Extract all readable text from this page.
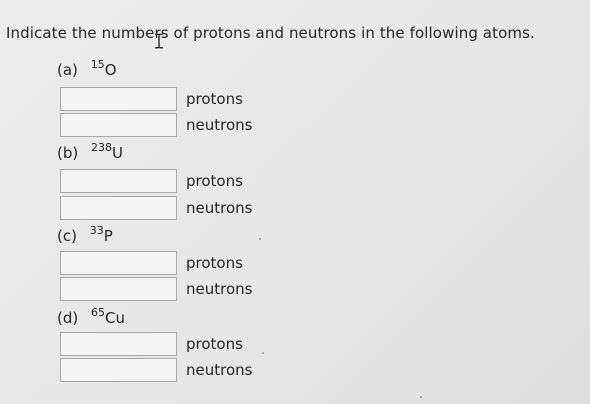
Indicate the numbers of protons and neutrons in the following atoms.
(a) $^{15}$O
protons
neutrons
(b) $^{238}$U
protons
neutrons
(c) $^{33}$P
protons
neutrons
(d) $^{65}$Cu
protons
neutrons
